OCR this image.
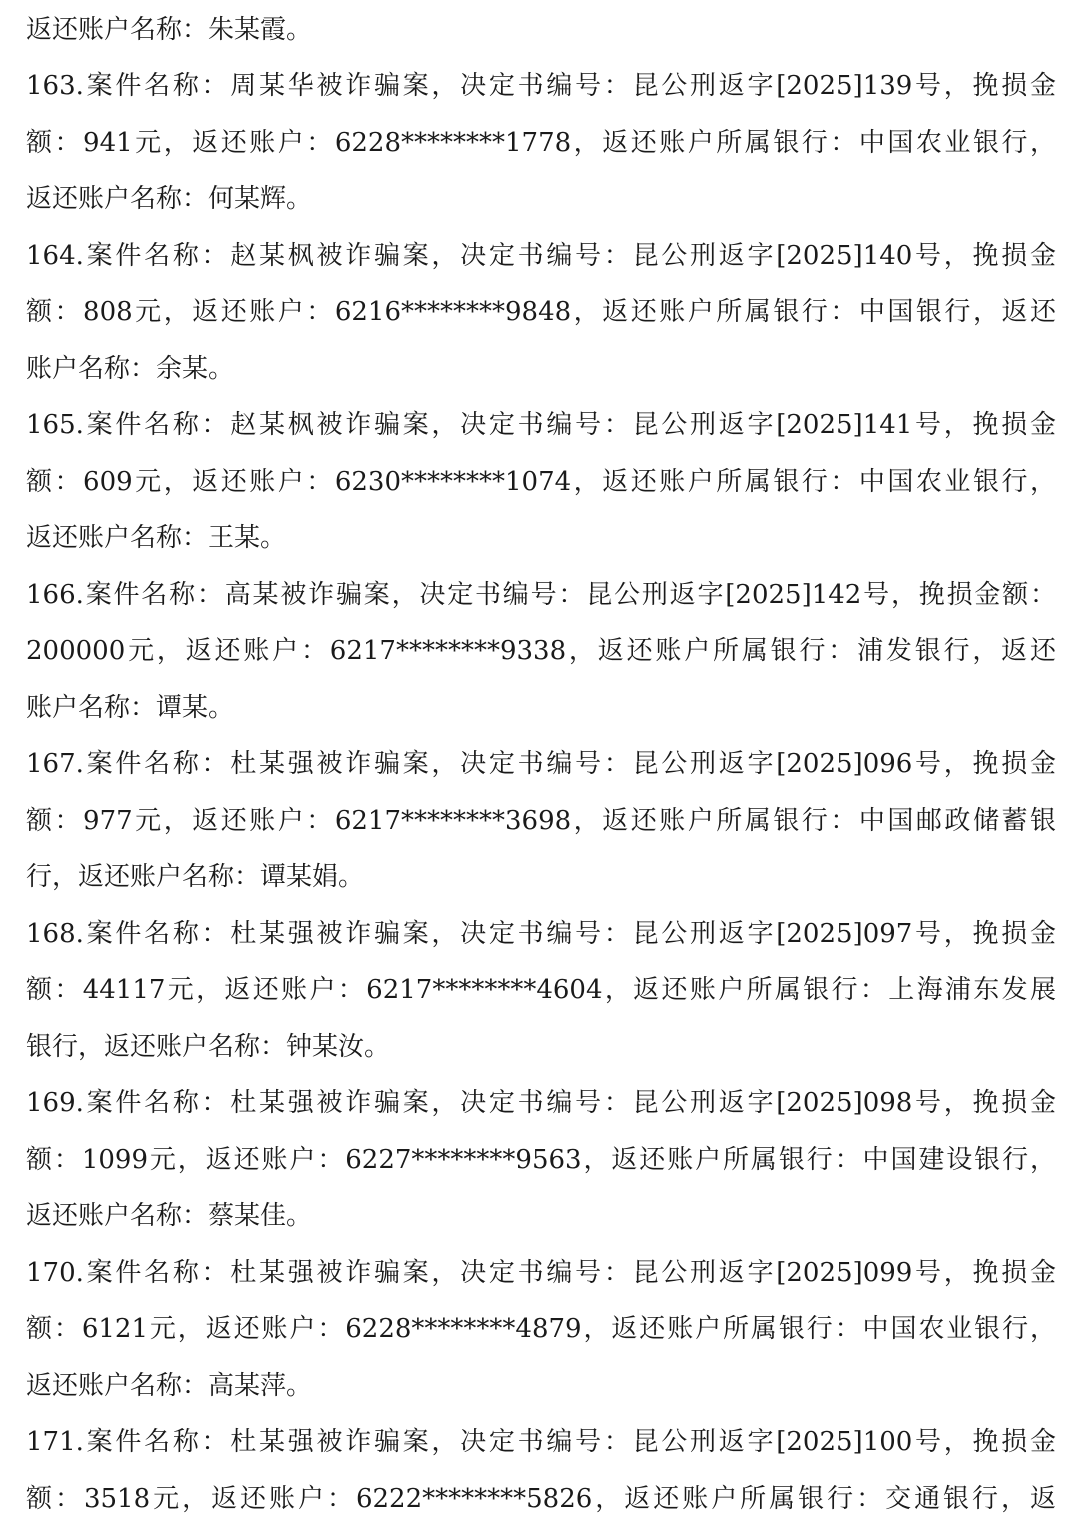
返还账户名称：朱某霞。
163.案件名称：周某华被诈骗案，决定书编号：昆公刑返字[2025]139号，挽损金
额：941元，返还账户：6228********1778，返还账户所属银行：中国农业银行，
返还账户名称：何某辉。
164.案件名称：赵某枫被诈骗案，决定书编号：昆公刑返字[2025]140号，挽损金
额：808元，返还账户：6216********9848，返还账户所属银行：中国银行，返还
账户名称：余某。
165.案件名称：赵某枫被诈骗案，决定书编号：昆公刑返字[2025]141号，挽损金
额：609元，返还账户：6230********1074，返还账户所属银行：中国农业银行，
返还账户名称：王某。
166.案件名称：高某被诈骗案，决定书编号：昆公刑返字[2025]142号，挽损金额：
200000元，返还账户：6217********9338，返还账户所属银行：浦发银行，返还
账户名称：谭某。
167.案件名称：杜某强被诈骗案，决定书编号：昆公刑返字[2025]096号，挽损金
额：977元，返还账户：6217********3698，返还账户所属银行：中国邮政储蓄银
行，返还账户名称：谭某娟。
168.案件名称：杜某强被诈骗案，决定书编号：昆公刑返字[2025]097号，挽损金
额：44117元，返还账户：6217********4604，返还账户所属银行：上海浦东发展
银行，返还账户名称：钟某汝。
169.案件名称：杜某强被诈骗案，决定书编号：昆公刑返字[2025]098号，挽损金
额：1099元，返还账户：6227********9563，返还账户所属银行：中国建设银行，
返还账户名称：蔡某佳。
170.案件名称：杜某强被诈骗案，决定书编号：昆公刑返字[2025]099号，挽损金
额：6121元，返还账户：6228********4879，返还账户所属银行：中国农业银行，
返还账户名称：高某萍。
171.案件名称：杜某强被诈骗案，决定书编号：昆公刑返字[2025]100号，挽损金
额：3518元，返还账户：6222********5826，返还账户所属银行：交通银行，返
